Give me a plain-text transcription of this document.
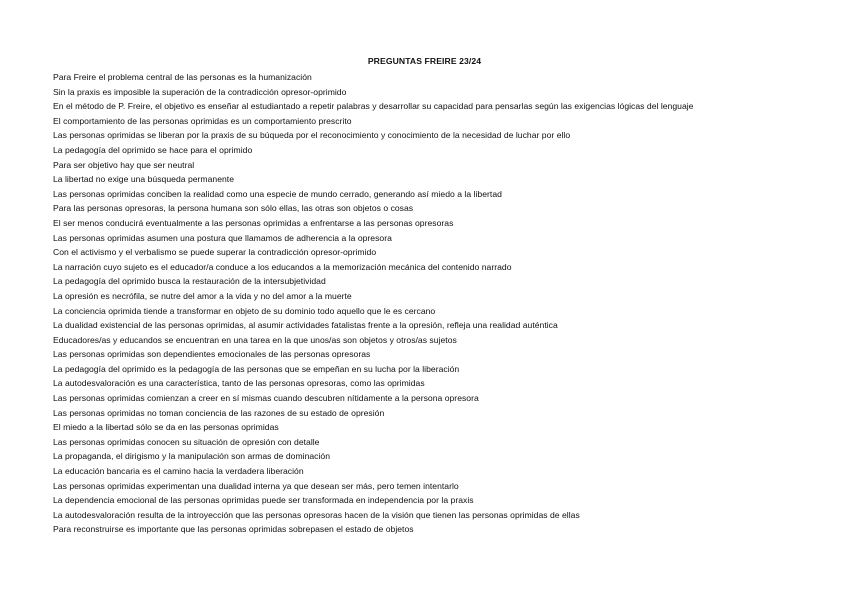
PREGUNTAS FREIRE 23/24
Para Freire el problema central de las personas es la humanización
Sin la praxis es imposible la superación de la contradicción opresor-oprimido
En el método de P. Freire, el objetivo es enseñar al estudiantado a repetir palabras y desarrollar su capacidad para pensarlas según las exigencias lógicas del lenguaje
El comportamiento de las personas oprimidas es un comportamiento prescrito
Las personas oprimidas se liberan por la praxis de su búqueda por el reconocimiento y conocimiento de la necesidad de luchar por ello
La pedagogía del oprimido se hace para el oprimido
Para ser objetivo hay que ser neutral
La libertad no exige una búsqueda permanente
Las personas oprimidas conciben la realidad como una especie de mundo cerrado, generando así miedo a la libertad
Para las personas opresoras, la persona humana son sólo ellas, las otras son objetos o cosas
El ser menos conducirá eventualmente a las personas oprimidas a enfrentarse a las personas opresoras
Las personas oprimidas asumen una postura que llamamos de adherencia a la opresora
Con el activismo y el verbalismo se puede superar la contradicción opresor-oprimido
La narración cuyo sujeto es el educador/a conduce a los educandos a la memorización mecánica del contenido narrado
La pedagogía del oprimido busca la restauración de la intersubjetividad
La opresión es necrófila, se nutre del amor a la vida y no del amor a la muerte
La conciencia oprimida tiende a transformar en objeto de su dominio todo aquello que le es cercano
La dualidad existencial de las personas oprimidas, al asumir actividades fatalistas frente a la opresión, refleja una realidad auténtica
Educadores/as y educandos se encuentran en una tarea en la que unos/as son objetos y otros/as sujetos
Las personas oprimidas son dependientes emocionales de las personas opresoras
La pedagogía del oprimido es la pedagogía de las personas que se empeñan en su lucha por la liberación
La autodesvaloración es una característica, tanto de las personas opresoras, como las oprimidas
Las personas oprimidas comienzan a creer en sí mismas cuando descubren nítidamente a la persona opresora
Las personas oprimidas no toman conciencia de las razones de su estado de opresión
El miedo a la libertad sólo se da en las personas oprimidas
Las personas oprimidas conocen su situación de opresión con detalle
La propaganda, el dirigismo y la manipulación son armas de dominación
La educación bancaria es el camino hacia la verdadera liberación
Las personas oprimidas experimentan una dualidad interna ya que desean ser más, pero temen intentarlo
La dependencia emocional de las personas oprimidas puede ser transformada en independencia por la praxis
La autodesvaloración resulta de la introyección que las personas opresoras hacen de la visión que tienen las personas oprimidas de ellas
Para reconstruirse es importante que las personas oprimidas sobrepasen el estado de objetos
